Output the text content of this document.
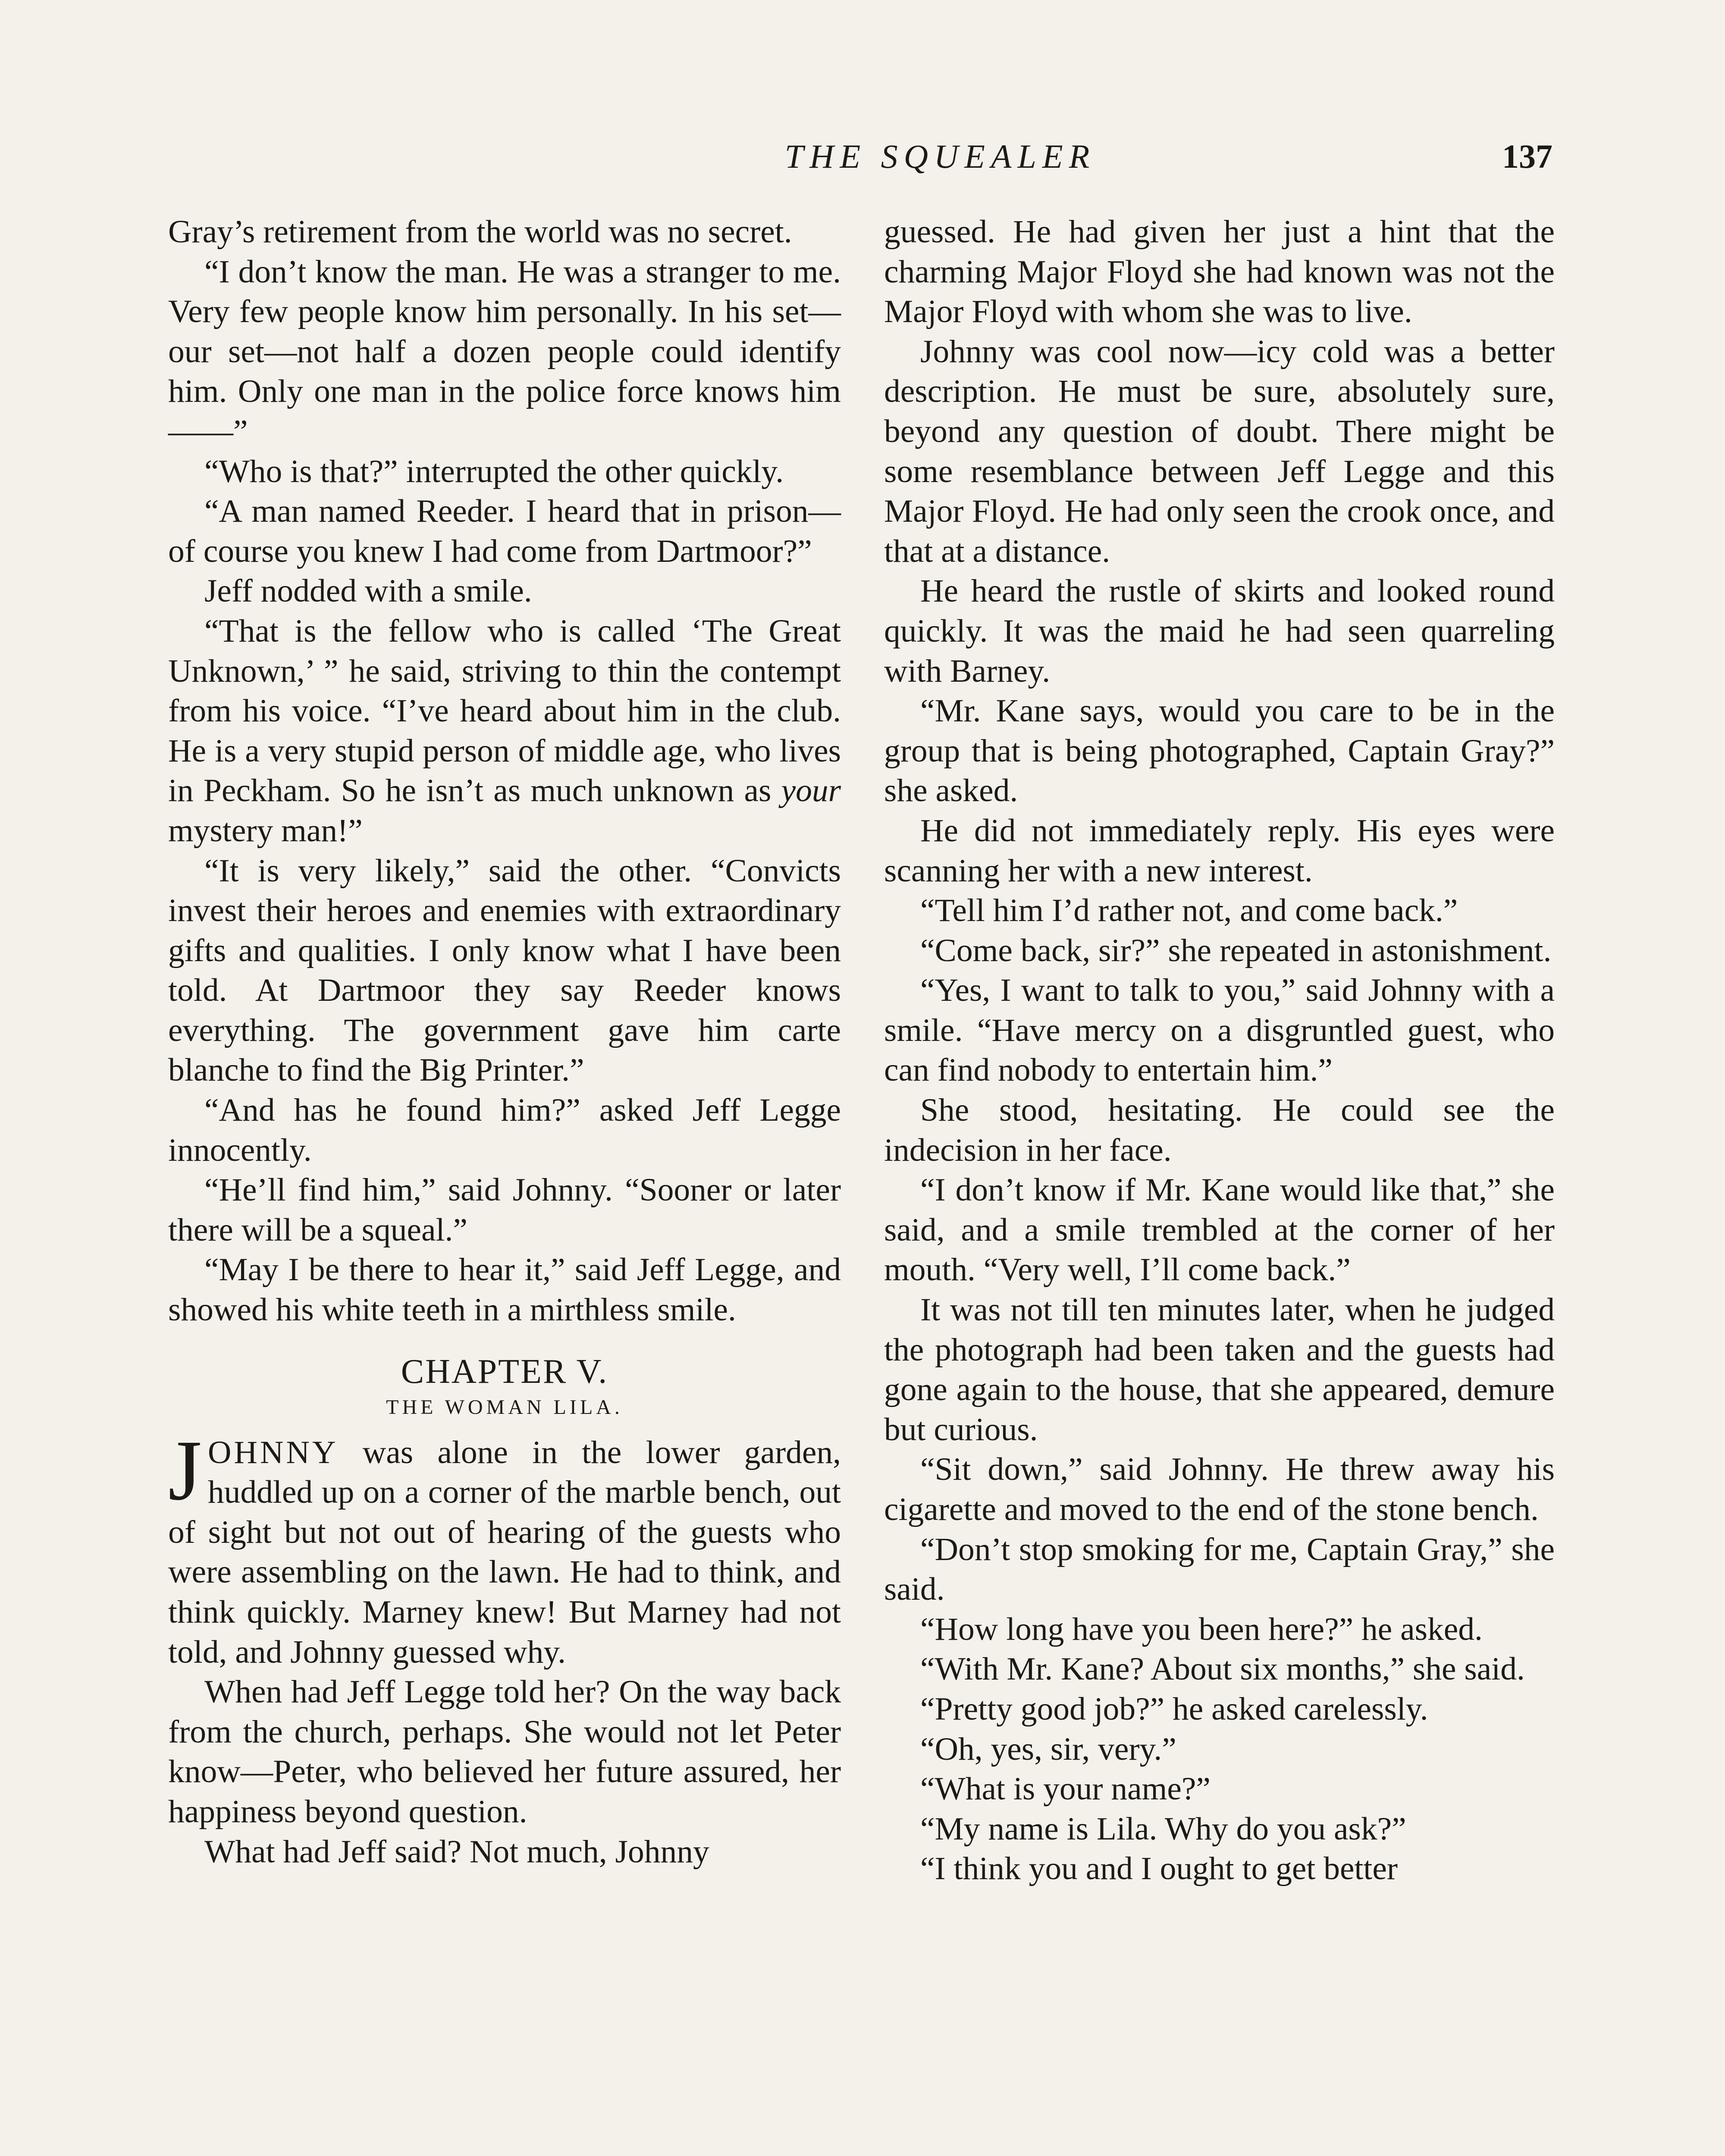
THE SQUEALER	137

Gray’s retirement from the world was no secret.

“I don’t know the man. He was a stranger to me. Very few people know him personally. In his set—our set—not half a dozen people could identify him. Only one man in the police force knows him——”

“Who is that?” interrupted the other quickly.

“A man named Reeder. I heard that in prison—of course you knew I had come from Dartmoor?”

Jeff nodded with a smile.

“That is the fellow who is called ‘The Great Unknown,’ ” he said, striving to thin the contempt from his voice. “I’ve heard about him in the club. He is a very stupid person of middle age, who lives in Peckham. So he isn’t as much unknown as your mystery man!”

“It is very likely,” said the other. “Convicts invest their heroes and enemies with extraordinary gifts and qualities. I only know what I have been told. At Dartmoor they say Reeder knows everything. The government gave him carte blanche to find the Big Printer.”

“And has he found him?” asked Jeff Legge innocently.

“He’ll find him,” said Johnny. “Sooner or later there will be a squeal.”

“May I be there to hear it,” said Jeff Legge, and showed his white teeth in a mirthless smile.

CHAPTER V.
THE WOMAN LILA.

JOHNNY was alone in the lower garden, huddled up on a corner of the marble bench, out of sight but not out of hearing of the guests who were assembling on the lawn. He had to think, and think quickly. Marney knew! But Marney had not told, and Johnny guessed why.

When had Jeff Legge told her? On the way back from the church, perhaps. She would not let Peter know—Peter, who believed her future assured, her happiness beyond question.

What had Jeff said? Not much, Johnny

guessed. He had given her just a hint that the charming Major Floyd she had known was not the Major Floyd with whom she was to live.

Johnny was cool now—icy cold was a better description. He must be sure, absolutely sure, beyond any question of doubt. There might be some resemblance between Jeff Legge and this Major Floyd. He had only seen the crook once, and that at a distance.

He heard the rustle of skirts and looked round quickly. It was the maid he had seen quarreling with Barney.

“Mr. Kane says, would you care to be in the group that is being photographed, Captain Gray?” she asked.

He did not immediately reply. His eyes were scanning her with a new interest.

“Tell him I’d rather not, and come back.”

“Come back, sir?” she repeated in astonishment.

“Yes, I want to talk to you,” said Johnny with a smile. “Have mercy on a disgruntled guest, who can find nobody to entertain him.”

She stood, hesitating. He could see the indecision in her face.

“I don’t know if Mr. Kane would like that,” she said, and a smile trembled at the corner of her mouth. “Very well, I’ll come back.”

It was not till ten minutes later, when he judged the photograph had been taken and the guests had gone again to the house, that she appeared, demure but curious.

“Sit down,” said Johnny. He threw away his cigarette and moved to the end of the stone bench.

“Don’t stop smoking for me, Captain Gray,” she said.

“How long have you been here?” he asked.

“With Mr. Kane? About six months,” she said.

“Pretty good job?” he asked carelessly.

“Oh, yes, sir, very.”

“What is your name?”

“My name is Lila. Why do you ask?”

“I think you and I ought to get better
